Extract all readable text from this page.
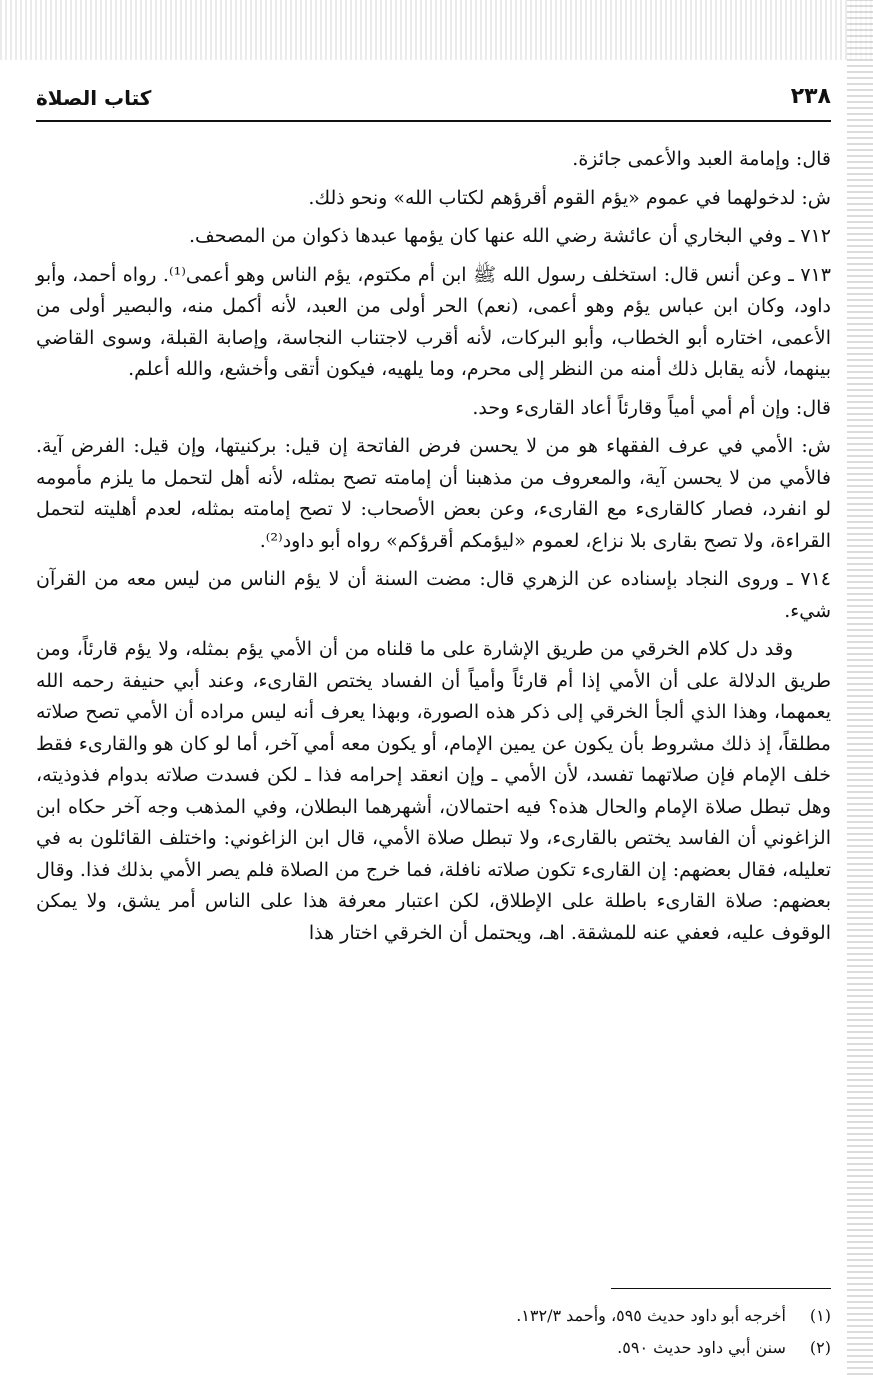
٢٣٨
كتاب الصلاة

قال: وإمامة العبد والأعمى جائزة.

ش: لدخولهما في عموم «يؤم القوم أقرؤهم لكتاب الله» ونحو ذلك.

٧١٢ ـ وفي البخاري أن عائشة رضي الله عنها كان يؤمها عبدها ذكوان من المصحف.

٧١٣ ـ وعن أنس قال: استخلف رسول الله ﷺ ابن أم مكتوم، يؤم الناس وهو أعمى⁽¹⁾. رواه أحمد، وأبو داود، وكان ابن عباس يؤم وهو أعمى، (نعم) الحر أولى من العبد، لأنه أكمل منه، والبصير أولى من الأعمى، اختاره أبو الخطاب، وأبو البركات، لأنه أقرب لاجتناب النجاسة، وإصابة القبلة، وسوى القاضي بينهما، لأنه يقابل ذلك أمنه من النظر إلى محرم، وما يلهيه، فيكون أتقى وأخشع، والله أعلم.

قال: وإن أم أمي أمياً وقارئاً أعاد القارىء وحد.

ش: الأمي في عرف الفقهاء هو من لا يحسن فرض الفاتحة إن قيل: بركنيتها، وإن قيل: الفرض آية. فالأمي من لا يحسن آية، والمعروف من مذهبنا أن إمامته تصح بمثله، لأنه أهل لتحمل ما يلزم مأمومه لو انفرد، فصار كالقارىء مع القارىء، وعن بعض الأصحاب: لا تصح إمامته بمثله، لعدم أهليته لتحمل القراءة، ولا تصح بقارى بلا نزاع، لعموم «ليؤمكم أقرؤكم» رواه أبو داود⁽²⁾.

٧١٤ ـ وروى النجاد بإسناده عن الزهري قال: مضت السنة أن لا يؤم الناس من ليس معه من القرآن شيء.

وقد دل كلام الخرقي من طريق الإشارة على ما قلناه من أن الأمي يؤم بمثله، ولا يؤم قارئاً، ومن طريق الدلالة على أن الأمي إذا أم قارئاً وأمياً أن الفساد يختص القارىء، وعند أبي حنيفة رحمه الله يعمهما، وهذا الذي ألجأ الخرقي إلى ذكر هذه الصورة، وبهذا يعرف أنه ليس مراده أن الأمي تصح صلاته مطلقاً، إذ ذلك مشروط بأن يكون عن يمين الإمام، أو يكون معه أمي آخر، أما لو كان هو والقارىء فقط خلف الإمام فإن صلاتهما تفسد، لأن الأمي ـ وإن انعقد إحرامه فذا ـ لكن فسدت صلاته بدوام فذوذيته، وهل تبطل صلاة الإمام والحال هذه؟ فيه احتمالان، أشهرهما البطلان، وفي المذهب وجه آخر حكاه ابن الزاغوني أن الفاسد يختص بالقارىء، ولا تبطل صلاة الأمي، قال ابن الزاغوني: واختلف القائلون به في تعليله، فقال بعضهم: إن القارىء تكون صلاته نافلة، فما خرج من الصلاة فلم يصر الأمي بذلك فذا. وقال بعضهم: صلاة القارىء باطلة على الإطلاق، لكن اعتبار معرفة هذا على الناس أمر يشق، ولا يمكن الوقوف عليه، فعفي عنه للمشقة. اهـ، ويحتمل أن الخرقي اختار هذا

(١) أخرجه أبو داود حديث ٥٩٥، وأحمد ١٣٢/٣.
(٢) سنن أبي داود حديث ٥٩٠.
